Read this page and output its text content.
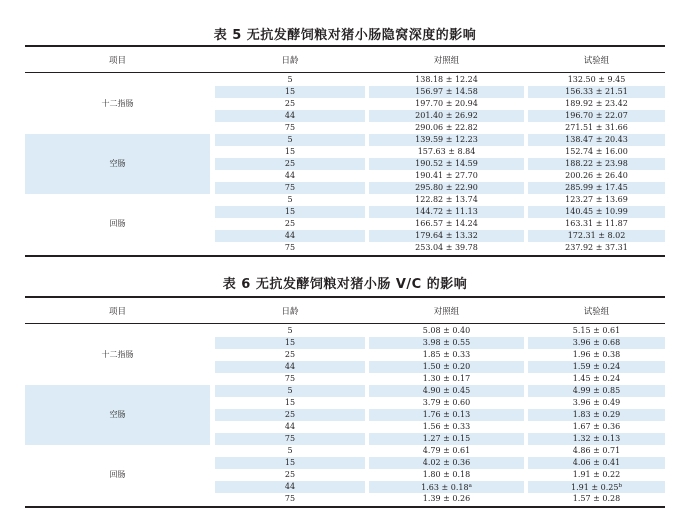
表 5 无抗发酵饲粮对猪小肠隐窝深度的影响
项目	日龄	对照组	试验组
十二指肠
5	138.18 ± 12.24	132.50 ± 9.45
15	156.97 ± 14.58	156.33 ± 21.51
25	197.70 ± 20.94	189.92 ± 23.42
44	201.40 ± 26.92	196.70 ± 22.07
75	290.06 ± 22.82	271.51 ± 31.66
空肠
5	139.59 ± 12.23	138.47 ± 20.43
15	157.63 ± 8.84	152.74 ± 16.00
25	190.52 ± 14.59	188.22 ± 23.98
44	190.41 ± 27.70	200.26 ± 26.40
75	295.80 ± 22.90	285.99 ± 17.45
回肠
5	122.82 ± 13.74	123.27 ± 13.69
15	144.72 ± 11.13	140.45 ± 10.99
25	166.57 ± 14.24	163.31 ± 11.87
44	179.64 ± 13.32	172.31 ± 8.02
75	253.04 ± 39.78	237.92 ± 37.31
表 6 无抗发酵饲粮对猪小肠 V/C 的影响
项目	日龄	对照组	试验组
十二指肠
5	5.08 ± 0.40	5.15 ± 0.61
15	3.98 ± 0.55	3.96 ± 0.68
25	1.85 ± 0.33	1.96 ± 0.38
44	1.50 ± 0.20	1.59 ± 0.24
75	1.30 ± 0.17	1.45 ± 0.24
空肠
5	4.90 ± 0.45	4.99 ± 0.85
15	3.79 ± 0.60	3.96 ± 0.49
25	1.76 ± 0.13	1.83 ± 0.29
44	1.56 ± 0.33	1.67 ± 0.36
75	1.27 ± 0.15	1.32 ± 0.13
回肠
5	4.79 ± 0.61	4.86 ± 0.71
15	4.02 ± 0.36	4.06 ± 0.41
25	1.80 ± 0.18	1.91 ± 0.22
44	1.63 ± 0.18$^a$	1.91 ± 0.25$^b$
75	1.39 ± 0.26	1.57 ± 0.28
